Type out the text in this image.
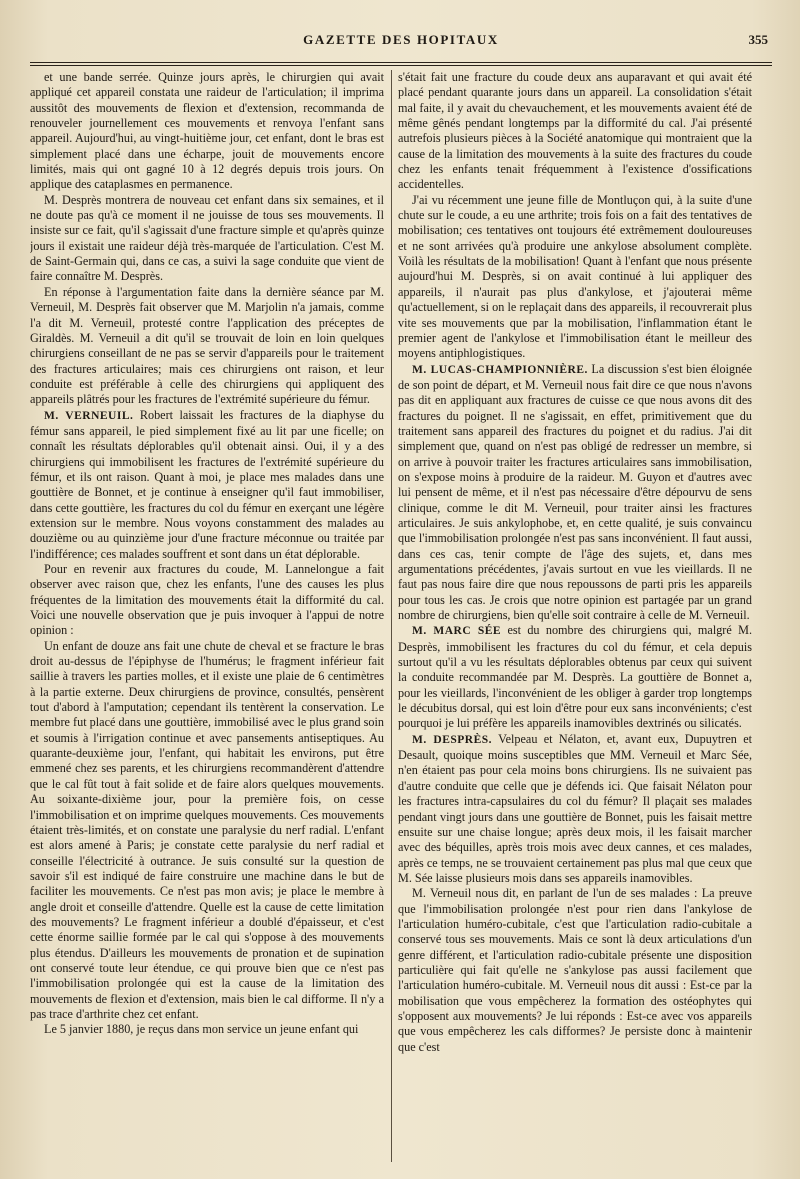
GAZETTE DES HOPITAUX	355

et une bande serrée. Quinze jours après, le chirurgien qui avait appliqué cet appareil constata une raideur de l'articulation; il imprima aussitôt des mouvements de flexion et d'extension, recommanda de renouveler journellement ces mouvements et renvoya l'enfant sans appareil. Aujourd'hui, au vingt-huitième jour, cet enfant, dont le bras est simplement placé dans une écharpe, jouit de mouvements encore limités, mais qui ont gagné 10 à 12 degrés depuis trois jours. On applique des cataplasmes en permanence.

M. Desprès montrera de nouveau cet enfant dans six semaines, et il ne doute pas qu'à ce moment il ne jouisse de tous ses mouvements. Il insiste sur ce fait, qu'il s'agissait d'une fracture simple et qu'après quinze jours il existait une raideur déjà très-marquée de l'articulation. C'est M. de Saint-Germain qui, dans ce cas, a suivi la sage conduite que vient de faire connaître M. Desprès.

En réponse à l'argumentation faite dans la dernière séance par M. Verneuil, M. Desprès fait observer que M. Marjolin n'a jamais, comme l'a dit M. Verneuil, protesté contre l'application des préceptes de Giraldès. M. Verneuil a dit qu'il se trouvait de loin en loin quelques chirurgiens conseillant de ne pas se servir d'appareils pour le traitement des fractures articulaires; mais ces chirurgiens ont raison, et leur conduite est préférable à celle des chirurgiens qui appliquent des appareils plâtrés pour les fractures de l'extrémité supérieure du fémur.

M. VERNEUIL. Robert laissait les fractures de la diaphyse du fémur sans appareil, le pied simplement fixé au lit par une ficelle; on connaît les résultats déplorables qu'il obtenait ainsi. Oui, il y a des chirurgiens qui immobilisent les fractures de l'extrémité supérieure du fémur, et ils ont raison. Quant à moi, je place mes malades dans une gouttière de Bonnet, et je continue à enseigner qu'il faut immobiliser, dans cette gouttière, les fractures du col du fémur en exerçant une légère extension sur le membre. Nous voyons constamment des malades au douzième ou au quinzième jour d'une fracture méconnue ou traitée par l'indifférence; ces malades souffrent et sont dans un état déplorable.

Pour en revenir aux fractures du coude, M. Lannelongue a fait observer avec raison que, chez les enfants, l'une des causes les plus fréquentes de la limitation des mouvements était la difformité du cal. Voici une nouvelle observation que je puis invoquer à l'appui de notre opinion :

Un enfant de douze ans fait une chute de cheval et se fracture le bras droit au-dessus de l'épiphyse de l'humérus; le fragment inférieur fait saillie à travers les parties molles, et il existe une plaie de 6 centimètres à la partie externe. Deux chirurgiens de province, consultés, pensèrent tout d'abord à l'amputation; cependant ils tentèrent la conservation. Le membre fut placé dans une gouttière, immobilisé avec le plus grand soin et soumis à l'irrigation continue et avec pansements antiseptiques. Au quarante-deuxième jour, l'enfant, qui habitait les environs, put être emmené chez ses parents, et les chirurgiens recommandèrent d'attendre que le cal fût tout à fait solide et de faire alors quelques mouvements. Au soixante-dixième jour, pour la première fois, on cesse l'immobilisation et on imprime quelques mouvements. Ces mouvements étaient très-limités, et on constate une paralysie du nerf radial. L'enfant est alors amené à Paris; je constate cette paralysie du nerf radial et conseille l'électricité à outrance. Je suis consulté sur la question de savoir s'il est indiqué de faire construire une machine dans le but de faciliter les mouvements. Ce n'est pas mon avis; je place le membre à angle droit et conseille d'attendre. Quelle est la cause de cette limitation des mouvements? Le fragment inférieur a doublé d'épaisseur, et c'est cette énorme saillie formée par le cal qui s'oppose à des mouvements plus étendus. D'ailleurs les mouvements de pronation et de supination ont conservé toute leur étendue, ce qui prouve bien que ce n'est pas l'immobilisation prolongée qui est la cause de la limitation des mouvements de flexion et d'extension, mais bien le cal difforme. Il n'y a pas trace d'arthrite chez cet enfant.

Le 5 janvier 1880, je reçus dans mon service un jeune enfant qui

s'était fait une fracture du coude deux ans auparavant et qui avait été placé pendant quarante jours dans un appareil. La consolidation s'était mal faite, il y avait du chevauchement, et les mouvements avaient été de même gênés pendant longtemps par la difformité du cal. J'ai présenté autrefois plusieurs pièces à la Société anatomique qui montraient que la cause de la limitation des mouvements à la suite des fractures du coude chez les enfants tenait fréquemment à l'existence d'ossifications accidentelles.

J'ai vu récemment une jeune fille de Montluçon qui, à la suite d'une chute sur le coude, a eu une arthrite; trois fois on a fait des tentatives de mobilisation; ces tentatives ont toujours été extrêmement douloureuses et ne sont arrivées qu'à produire une ankylose absolument complète. Voilà les résultats de la mobilisation! Quant à l'enfant que nous présente aujourd'hui M. Desprès, si on avait continué à lui appliquer des appareils, il n'aurait pas plus d'ankylose, et j'ajouterai même qu'actuellement, si on le replaçait dans des appareils, il recouvrerait plus vite ses mouvements que par la mobilisation, l'inflammation étant le premier agent de l'ankylose et l'immobilisation étant le meilleur des moyens antiphlogistiques.

M. LUCAS-CHAMPIONNIÈRE. La discussion s'est bien éloignée de son point de départ, et M. Verneuil nous fait dire ce que nous n'avons pas dit en appliquant aux fractures de cuisse ce que nous avons dit des fractures du poignet. Il ne s'agissait, en effet, primitivement que du traitement sans appareil des fractures du poignet et du radius. J'ai dit simplement que, quand on n'est pas obligé de redresser un membre, si on arrive à pouvoir traiter les fractures articulaires sans immobilisation, on s'expose moins à produire de la raideur. M. Guyon et d'autres avec lui pensent de même, et il n'est pas nécessaire d'être dépourvu de sens clinique, comme le dit M. Verneuil, pour traiter ainsi les fractures articulaires. Je suis ankylophobe, et, en cette qualité, je suis convaincu que l'immobilisation prolongée n'est pas sans inconvénient. Il faut aussi, dans ces cas, tenir compte de l'âge des sujets, et, dans mes argumentations précédentes, j'avais surtout en vue les vieillards. Il ne faut pas nous faire dire que nous repoussons de parti pris les appareils pour tous les cas. Je crois que notre opinion est partagée par un grand nombre de chirurgiens, bien qu'elle soit contraire à celle de M. Verneuil.

M. MARC SÉE est du nombre des chirurgiens qui, malgré M. Desprès, immobilisent les fractures du col du fémur, et cela depuis surtout qu'il a vu les résultats déplorables obtenus par ceux qui suivent la conduite recommandée par M. Desprès. La gouttière de Bonnet a, pour les vieillards, l'inconvénient de les obliger à garder trop longtemps le décubitus dorsal, qui est loin d'être pour eux sans inconvénients; c'est pourquoi je lui préfère les appareils inamovibles dextrinés ou silicatés.

M. DESPRÈS. Velpeau et Nélaton, et, avant eux, Dupuytren et Desault, quoique moins susceptibles que MM. Verneuil et Marc Sée, n'en étaient pas pour cela moins bons chirurgiens. Ils ne suivaient pas d'autre conduite que celle que je défends ici. Que faisait Nélaton pour les fractures intra-capsulaires du col du fémur? Il plaçait ses malades pendant vingt jours dans une gouttière de Bonnet, puis les faisait mettre ensuite sur une chaise longue; après deux mois, il les faisait marcher avec des béquilles, après trois mois avec deux cannes, et ces malades, après ce temps, ne se trouvaient certainement pas plus mal que ceux que M. Sée laisse plusieurs mois dans ses appareils inamovibles.

M. Verneuil nous dit, en parlant de l'un de ses malades : La preuve que l'immobilisation prolongée n'est pour rien dans l'ankylose de l'articulation huméro-cubitale, c'est que l'articulation radio-cubitale a conservé tous ses mouvements. Mais ce sont là deux articulations d'un genre différent, et l'articulation radio-cubitale présente une disposition particulière qui fait qu'elle ne s'ankylose pas aussi facilement que l'articulation huméro-cubitale. M. Verneuil nous dit aussi : Est-ce par la mobilisation que vous empêcherez la formation des ostéophytes qui s'opposent aux mouvements? Je lui réponds : Est-ce avec vos appareils que vous empêcherez les cals difformes? Je persiste donc à maintenir que c'est
